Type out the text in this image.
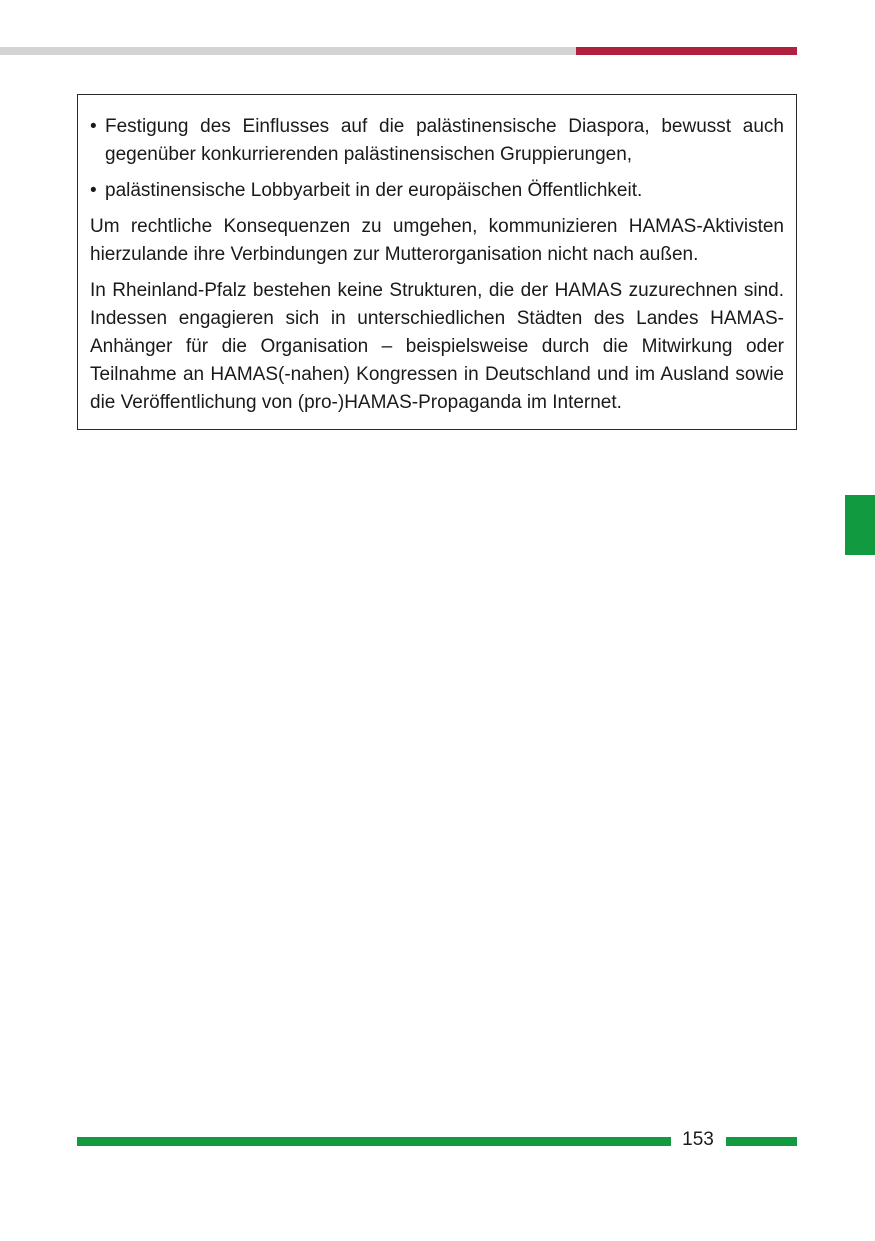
• Festigung des Einflusses auf die palästinensische Diaspora, bewusst auch gegenüber konkurrierenden palästinensischen Gruppierungen,
• palästinensische Lobbyarbeit in der europäischen Öffentlichkeit.

Um rechtliche Konsequenzen zu umgehen, kommunizieren HAMAS-Aktivisten hierzulande ihre Verbindungen zur Mutterorganisation nicht nach außen.

In Rheinland-Pfalz bestehen keine Strukturen, die der HAMAS zuzurechnen sind. Indessen engagieren sich in unterschiedlichen Städten des Landes HAMAS-Anhänger für die Organisation – beispielsweise durch die Mitwirkung oder Teilnahme an HAMAS(-nahen) Kongressen in Deutschland und im Ausland sowie die Veröffentlichung von (pro-)HAMAS-Propaganda im Internet.

153
